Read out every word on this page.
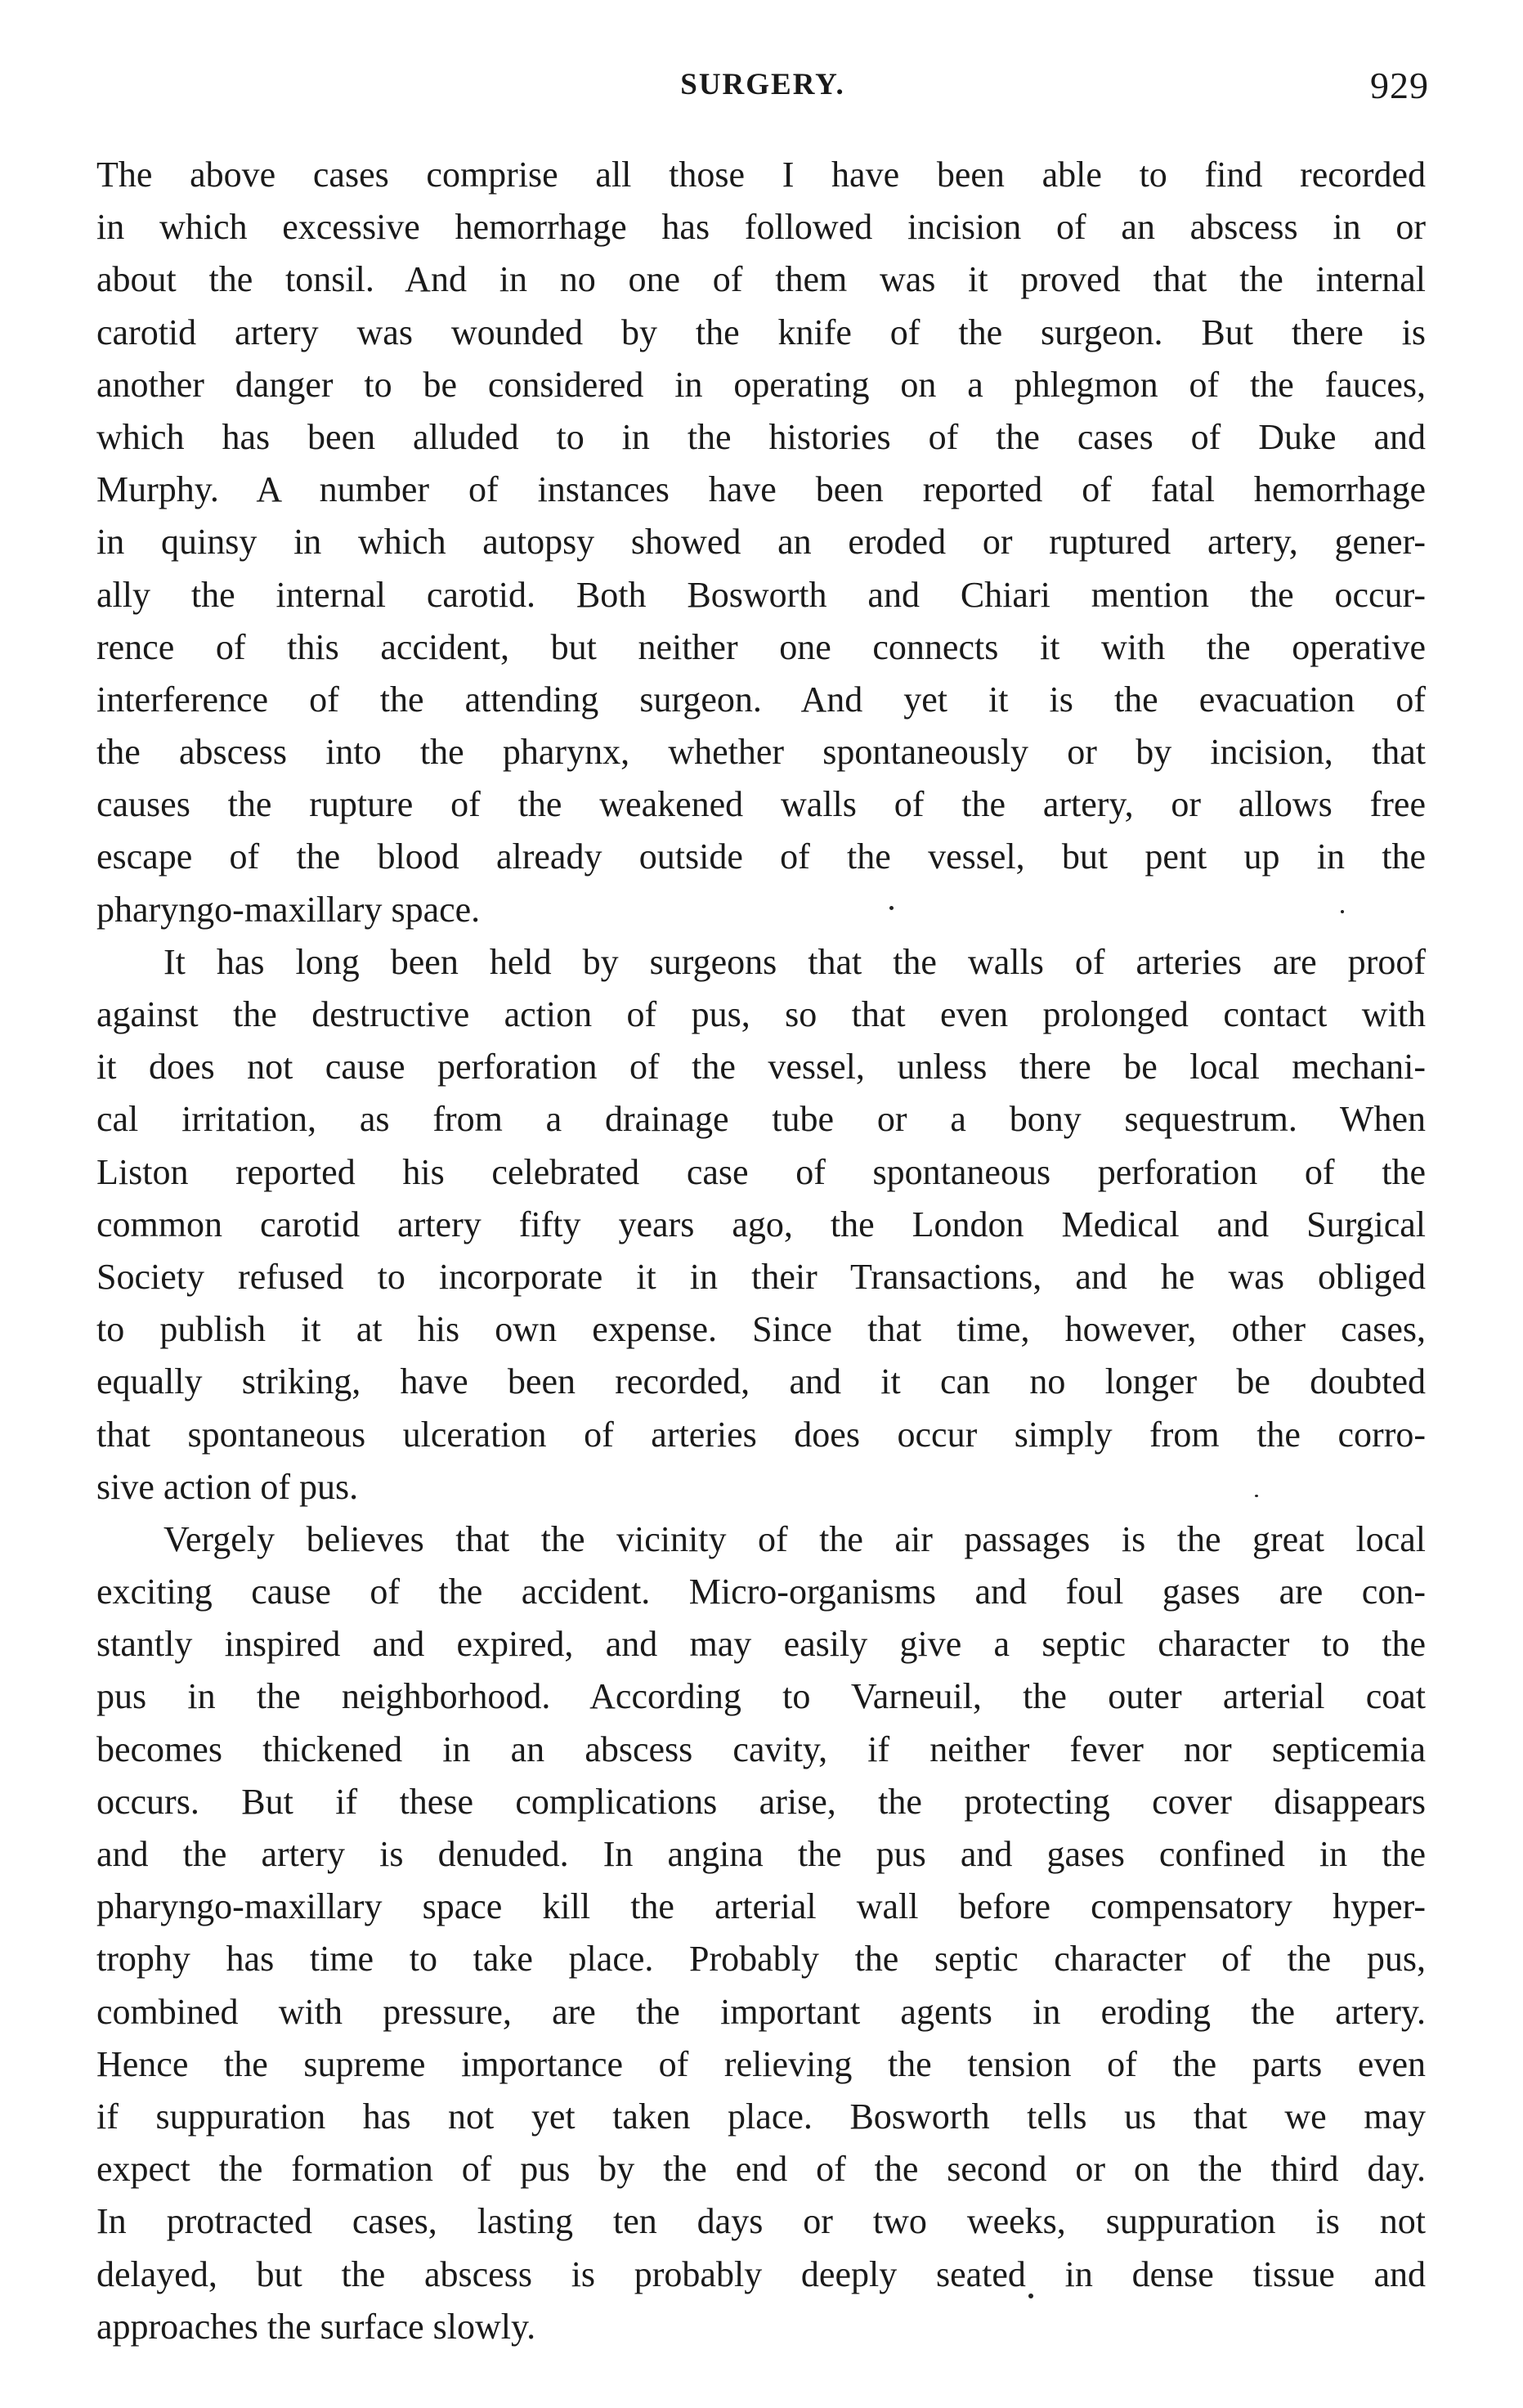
SURGERY.	929
The above cases comprise all those I have been able to find recorded
in which excessive hemorrhage has followed incision of an abscess in or
about the tonsil. And in no one of them was it proved that the internal
carotid artery was wounded by the knife of the surgeon. But there is
another danger to be considered in operating on a phlegmon of the fauces,
which has been alluded to in the histories of the cases of Duke and
Murphy. A number of instances have been reported of fatal hemorrhage
in quinsy in which autopsy showed an eroded or ruptured artery, gener-
ally the internal carotid. Both Bosworth and Chiari mention the occur-
rence of this accident, but neither one connects it with the operative
interference of the attending surgeon. And yet it is the evacuation of
the abscess into the pharynx, whether spontaneously or by incision, that
causes the rupture of the weakened walls of the artery, or allows free
escape of the blood already outside of the vessel, but pent up in the
pharyngo-maxillary space.
It has long been held by surgeons that the walls of arteries are proof
against the destructive action of pus, so that even prolonged contact with
it does not cause perforation of the vessel, unless there be local mechani-
cal irritation, as from a drainage tube or a bony sequestrum. When
Liston reported his celebrated case of spontaneous perforation of the
common carotid artery fifty years ago, the London Medical and Surgical
Society refused to incorporate it in their Transactions, and he was obliged
to publish it at his own expense. Since that time, however, other cases,
equally striking, have been recorded, and it can no longer be doubted
that spontaneous ulceration of arteries does occur simply from the corro-
sive action of pus.
Vergely believes that the vicinity of the air passages is the great local
exciting cause of the accident. Micro-organisms and foul gases are con-
stantly inspired and expired, and may easily give a septic character to the
pus in the neighborhood. According to Varneuil, the outer arterial coat
becomes thickened in an abscess cavity, if neither fever nor septicemia
occurs. But if these complications arise, the protecting cover disappears
and the artery is denuded. In angina the pus and gases confined in the
pharyngo-maxillary space kill the arterial wall before compensatory hyper-
trophy has time to take place. Probably the septic character of the pus,
combined with pressure, are the important agents in eroding the artery.
Hence the supreme importance of relieving the tension of the parts even
if suppuration has not yet taken place. Bosworth tells us that we may
expect the formation of pus by the end of the second or on the third day.
In protracted cases, lasting ten days or two weeks, suppuration is not
delayed, but the abscess is probably deeply seated in dense tissue and
approaches the surface slowly.
